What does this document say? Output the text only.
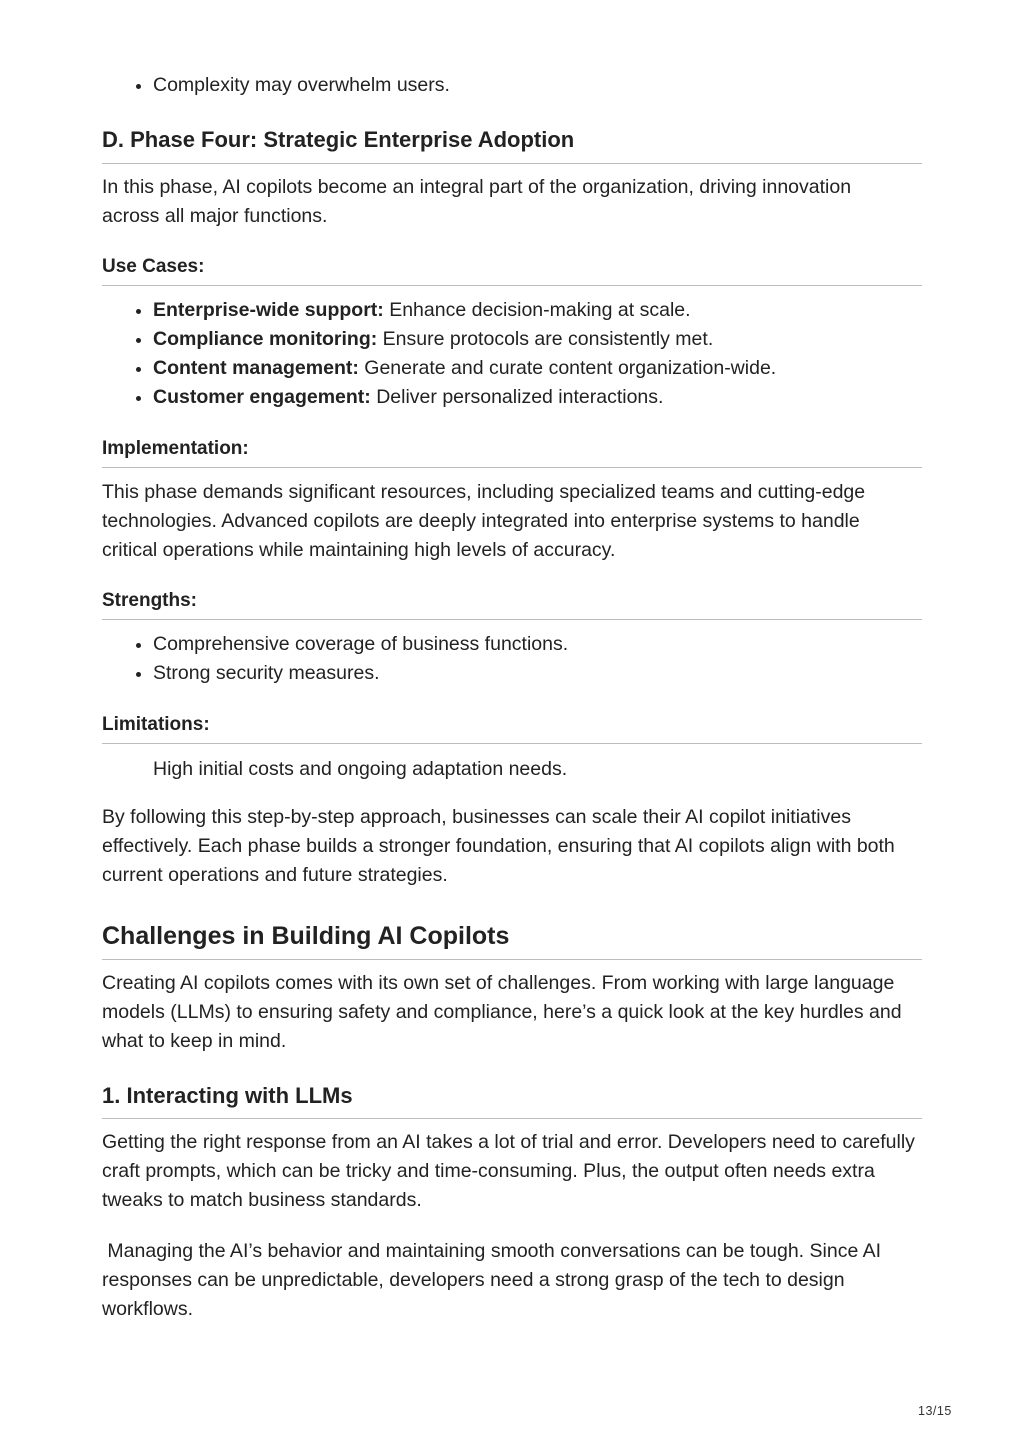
Complexity may overwhelm users.
D. Phase Four: Strategic Enterprise Adoption

In this phase, AI copilots become an integral part of the organization, driving innovation across all major functions.

Use Cases:
Enterprise-wide support: Enhance decision-making at scale.
Compliance monitoring: Ensure protocols are consistently met.
Content management: Generate and curate content organization-wide.
Customer engagement: Deliver personalized interactions.
Implementation:

This phase demands significant resources, including specialized teams and cutting-edge technologies. Advanced copilots are deeply integrated into enterprise systems to handle critical operations while maintaining high levels of accuracy.

Strengths:
Comprehensive coverage of business functions.
Strong security measures.
Limitations:

High initial costs and ongoing adaptation needs.

By following this step-by-step approach, businesses can scale their AI copilot initiatives effectively. Each phase builds a stronger foundation, ensuring that AI copilots align with both current operations and future strategies.

Challenges in Building AI Copilots

Creating AI copilots comes with its own set of challenges. From working with large language models (LLMs) to ensuring safety and compliance, here’s a quick look at the key hurdles and what to keep in mind.

1. Interacting with LLMs

Getting the right response from an AI takes a lot of trial and error. Developers need to carefully craft prompts, which can be tricky and time-consuming. Plus, the output often needs extra tweaks to match business standards.

Managing the AI’s behavior and maintaining smooth conversations can be tough. Since AI responses can be unpredictable, developers need a strong grasp of the tech to design workflows.

13/15
